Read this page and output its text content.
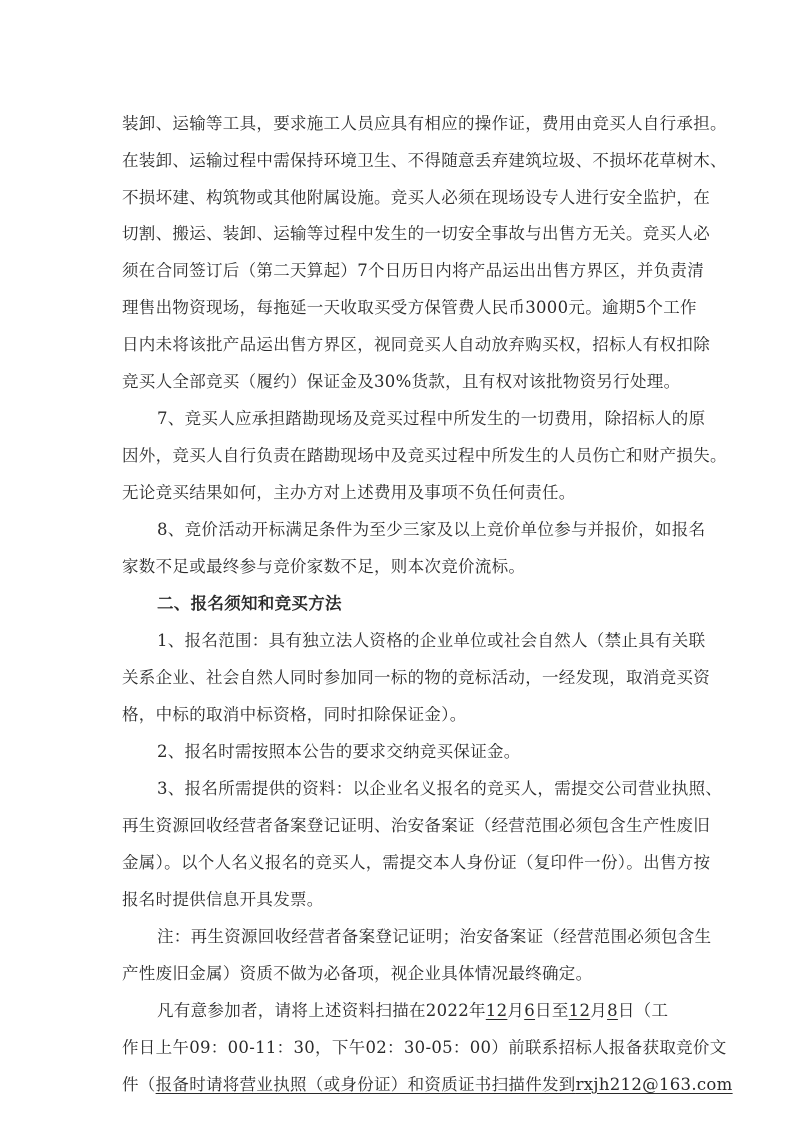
装卸、运输等工具，要求施工人员应具有相应的操作证，费用由竞买人自行承担。
在装卸、运输过程中需保持环境卫生、不得随意丢弃建筑垃圾、不损坏花草树木、
不损坏建、构筑物或其他附属设施。竞买人必须在现场设专人进行安全监护，在
切割、搬运、装卸、运输等过程中发生的一切安全事故与出售方无关。竞买人必
须在合同签订后（第二天算起）7个日历日内将产品运出出售方界区，并负责清
理售出物资现场，每拖延一天收取买受方保管费人民币3000元。逾期5个工作
日内未将该批产品运出售方界区，视同竞买人自动放弃购买权，招标人有权扣除
竞买人全部竞买（履约）保证金及30%货款，且有权对该批物资另行处理。
7、竞买人应承担踏勘现场及竞买过程中所发生的一切费用，除招标人的原
因外，竞买人自行负责在踏勘现场中及竞买过程中所发生的人员伤亡和财产损失。
无论竞买结果如何，主办方对上述费用及事项不负任何责任。
8、竞价活动开标满足条件为至少三家及以上竞价单位参与并报价，如报名
家数不足或最终参与竞价家数不足，则本次竞价流标。
二、报名须知和竞买方法
1、报名范围：具有独立法人资格的企业单位或社会自然人（禁止具有关联
关系企业、社会自然人同时参加同一标的物的竞标活动，一经发现，取消竞买资
格，中标的取消中标资格，同时扣除保证金）。
2、报名时需按照本公告的要求交纳竞买保证金。
3、报名所需提供的资料：以企业名义报名的竞买人，需提交公司营业执照、
再生资源回收经营者备案登记证明、治安备案证（经营范围必须包含生产性废旧
金属）。以个人名义报名的竞买人，需提交本人身份证（复印件一份）。出售方按
报名时提供信息开具发票。
注：再生资源回收经营者备案登记证明；治安备案证（经营范围必须包含生
产性废旧金属）资质不做为必备项，视企业具体情况最终确定。
凡有意参加者，请将上述资料扫描在2022年12月6日至12月8日（工
作日上午09：00-11：30，下午02：30-05：00）前联系招标人报备获取竞价文
件（报备时请将营业执照（或身份证）和资质证书扫描件发到rxjh212@163.com
